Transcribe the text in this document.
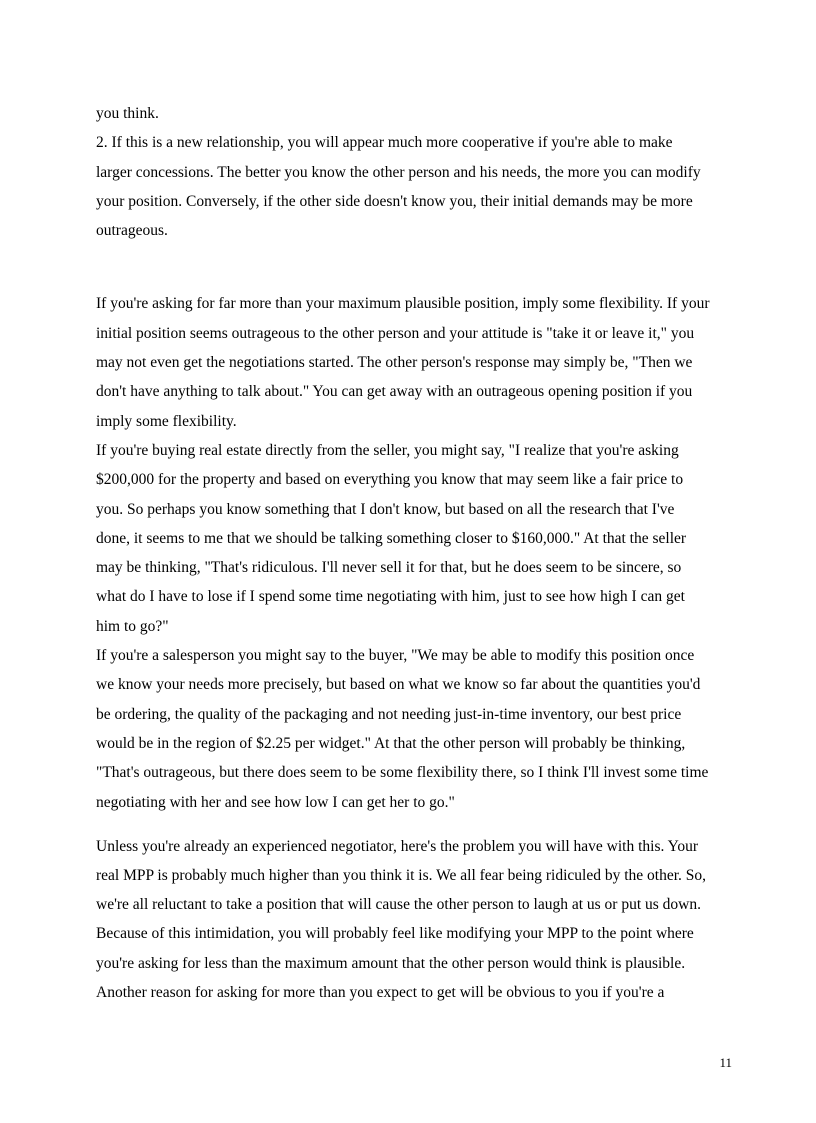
you think.
2. If this is a new relationship, you will appear much more cooperative if you're able to make
larger concessions. The better you know the other person and his needs, the more you can modify
your position. Conversely, if the other side doesn't know you, their initial demands may be more
outrageous.
If you're asking for far more than your maximum plausible position, imply some flexibility. If your
initial position seems outrageous to the other person and your attitude is "take it or leave it," you
may not even get the negotiations started. The other person's response may simply be, "Then we
don't have anything to talk about." You can get away with an outrageous opening position if you
imply some flexibility.
If you're buying real estate directly from the seller, you might say, "I realize that you're asking
$200,000 for the property and based on everything you know that may seem like a fair price to
you. So perhaps you know something that I don't know, but based on all the research that I've
done, it seems to me that we should be talking something closer to $160,000." At that the seller
may be thinking, "That's ridiculous. I'll never sell it for that, but he does seem to be sincere, so
what do I have to lose if I spend some time negotiating with him, just to see how high I can get
him to go?"
If you're a salesperson you might say to the buyer, "We may be able to modify this position once
we know your needs more precisely, but based on what we know so far about the quantities you'd
be ordering, the quality of the packaging and not needing just-in-time inventory, our best price
would be in the region of $2.25 per widget." At that the other person will probably be thinking,
"That's outrageous, but there does seem to be some flexibility there, so I think I'll invest some time
negotiating with her and see how low I can get her to go."
Unless you're already an experienced negotiator, here's the problem you will have with this. Your
real MPP is probably much higher than you think it is. We all fear being ridiculed by the other. So,
we're all reluctant to take a position that will cause the other person to laugh at us or put us down.
Because of this intimidation, you will probably feel like modifying your MPP to the point where
you're asking for less than the maximum amount that the other person would think is plausible.
Another reason for asking for more than you expect to get will be obvious to you if you're a
11
